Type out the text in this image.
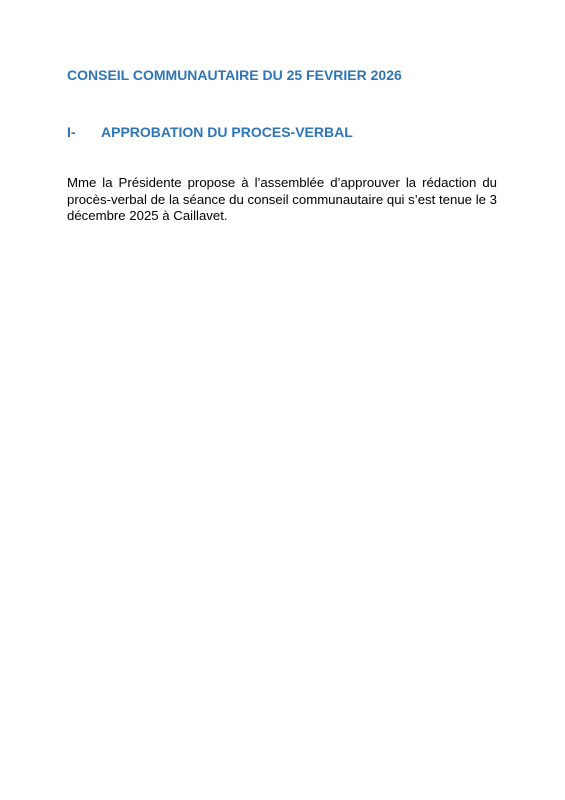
CONSEIL COMMUNAUTAIRE DU 25 FEVRIER 2026
I- APPROBATION DU PROCES-VERBAL

Mme la Présidente propose à l’assemblée d’approuver la rédaction du procès-verbal de la séance du conseil communautaire qui s’est tenue le 3 décembre 2025 à Caillavet.
